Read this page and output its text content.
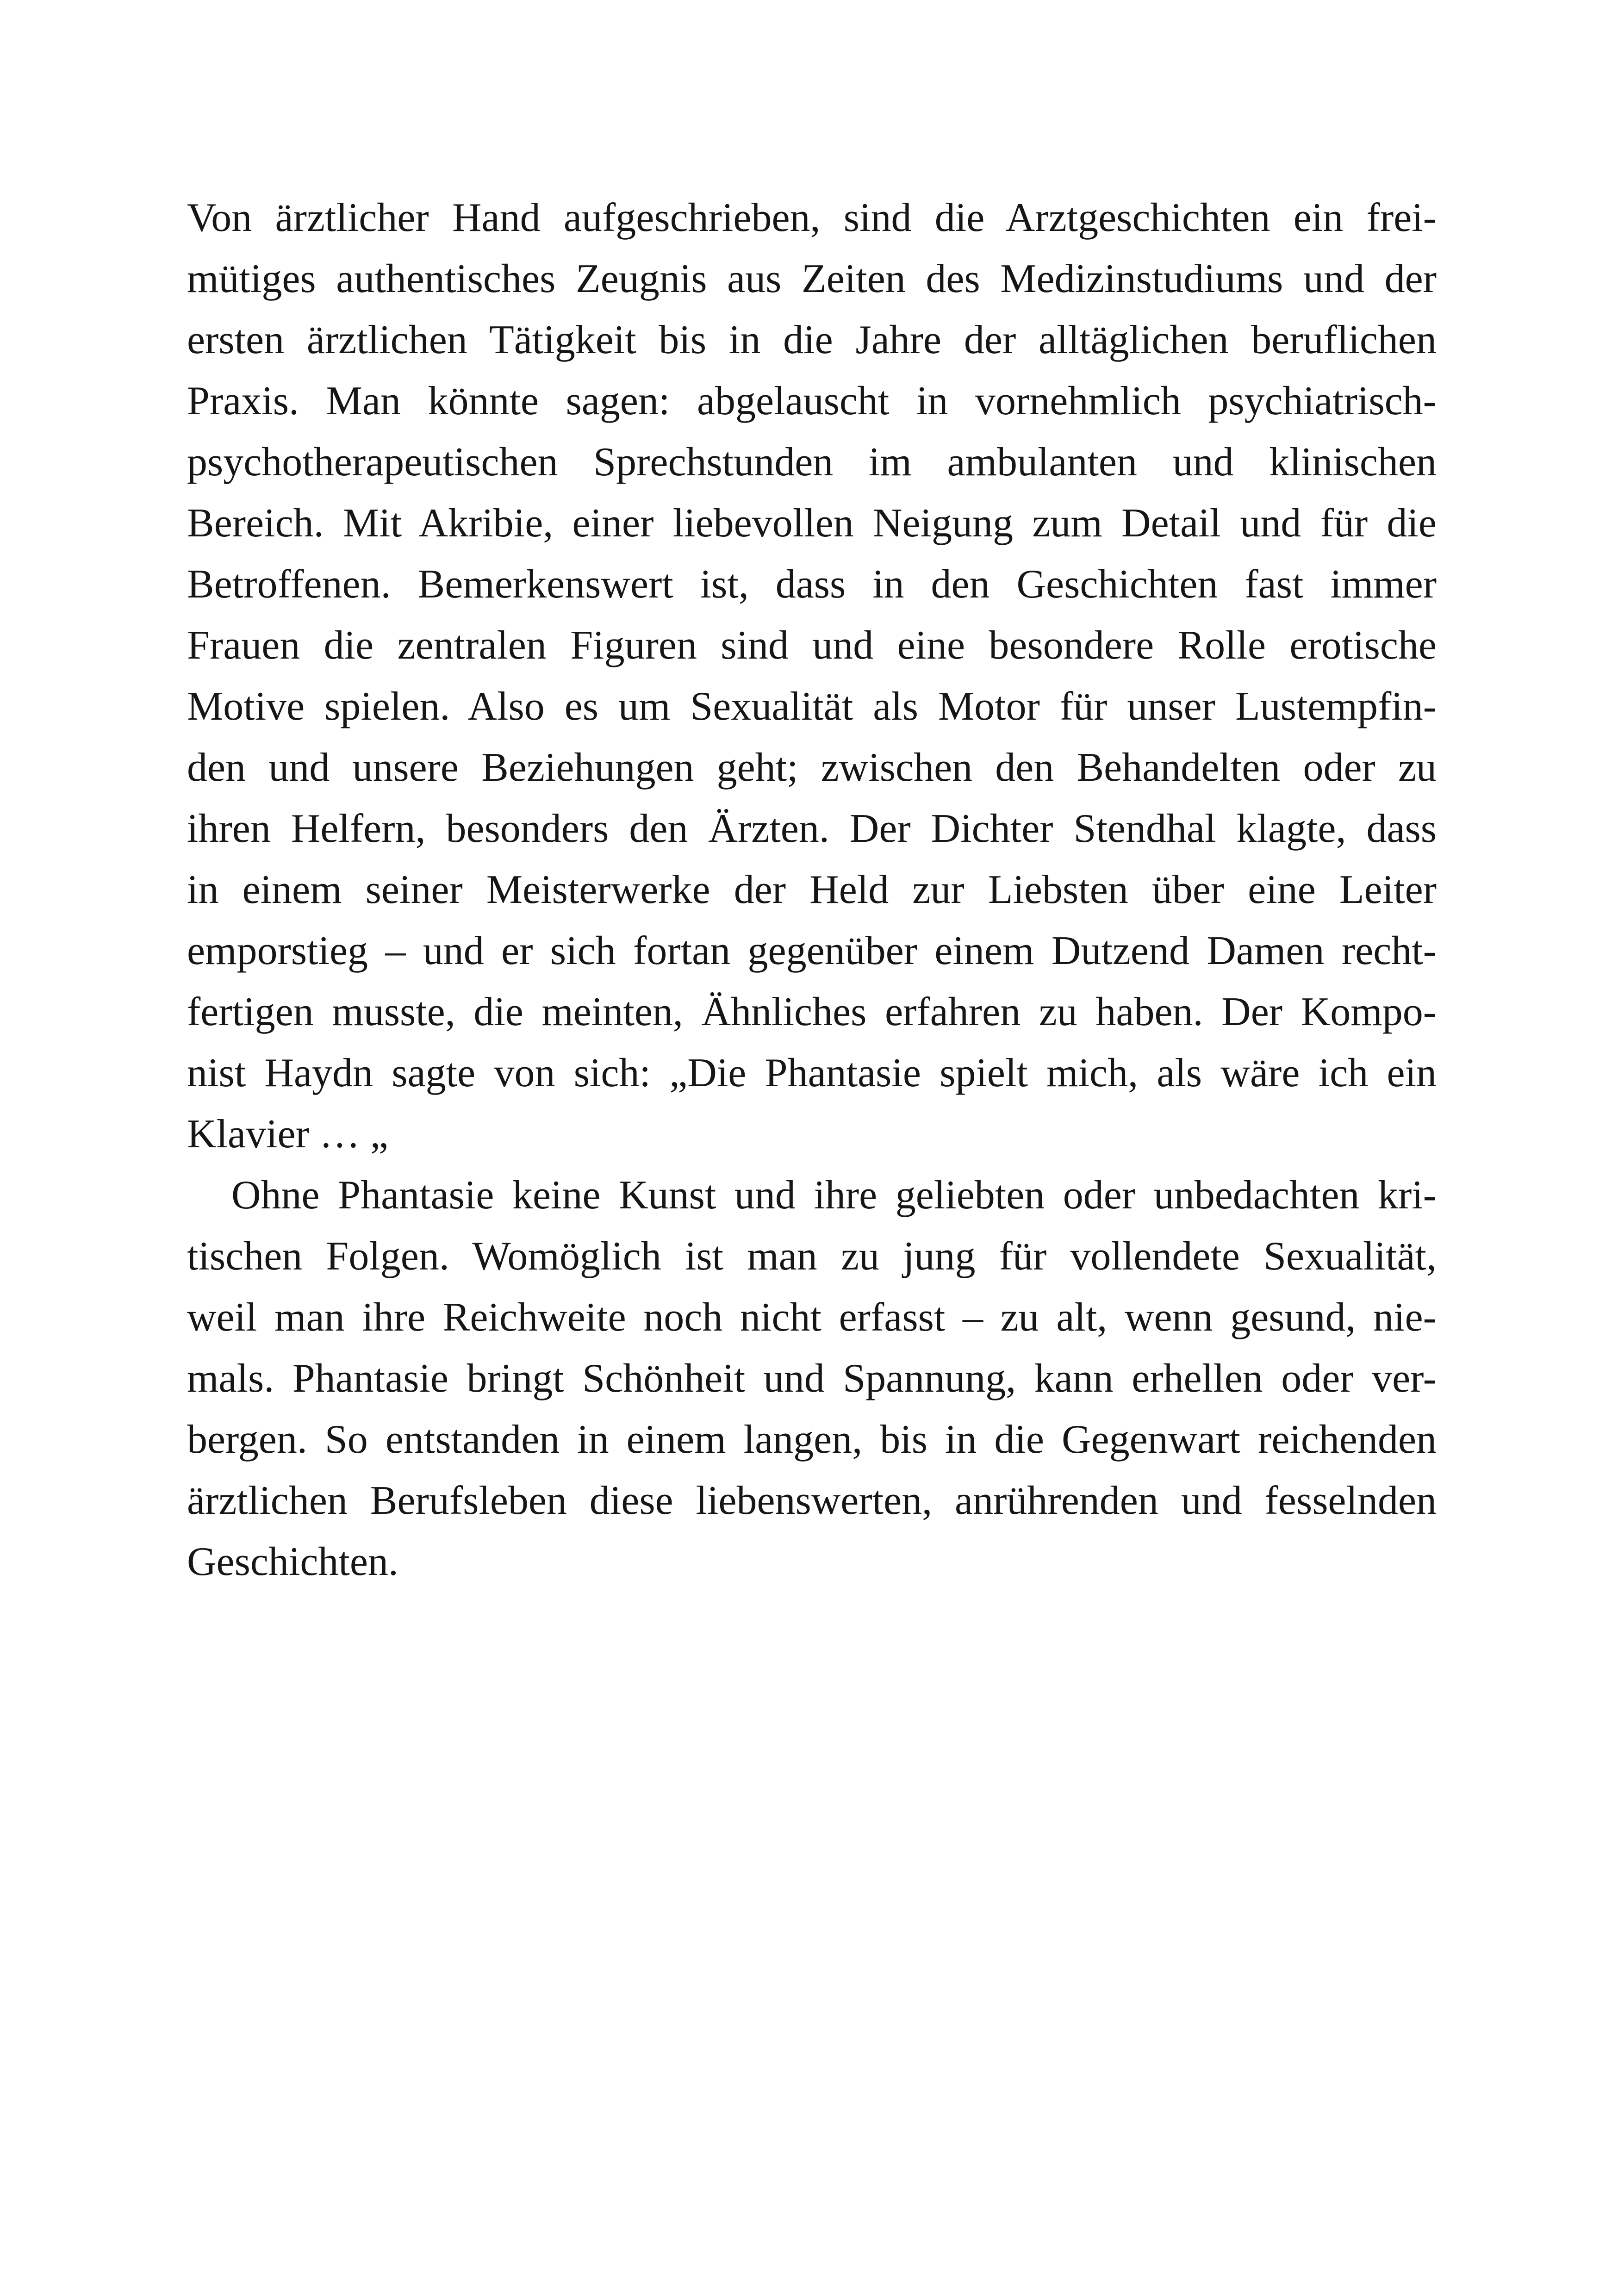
Von ärztlicher Hand aufgeschrieben, sind die Arztgeschichten ein frei-
mütiges authentisches Zeugnis aus Zeiten des Medizinstudiums und der
ersten ärztlichen Tätigkeit bis in die Jahre der alltäglichen beruflichen
Praxis. Man könnte sagen: abgelauscht in vornehmlich psychiatrisch-
psychotherapeutischen Sprechstunden im ambulanten und klinischen
Bereich. Mit Akribie, einer liebevollen Neigung zum Detail und für die
Betroffenen. Bemerkenswert ist, dass in den Geschichten fast immer
Frauen die zentralen Figuren sind und eine besondere Rolle erotische
Motive spielen. Also es um Sexualität als Motor für unser Lustempfin-
den und unsere Beziehungen geht; zwischen den Behandelten oder zu
ihren Helfern, besonders den Ärzten. Der Dichter Stendhal klagte, dass
in einem seiner Meisterwerke der Held zur Liebsten über eine Leiter
emporstieg – und er sich fortan gegenüber einem Dutzend Damen recht-
fertigen musste, die meinten, Ähnliches erfahren zu haben. Der Kompo-
nist Haydn sagte von sich: „Die Phantasie spielt mich, als wäre ich ein
Klavier … „
Ohne Phantasie keine Kunst und ihre geliebten oder unbedachten kri-
tischen Folgen. Womöglich ist man zu jung für vollendete Sexualität,
weil man ihre Reichweite noch nicht erfasst – zu alt, wenn gesund, nie-
mals. Phantasie bringt Schönheit und Spannung, kann erhellen oder ver-
bergen. So entstanden in einem langen, bis in die Gegenwart reichenden
ärztlichen Berufsleben diese liebenswerten, anrührenden und fesselnden
Geschichten.
